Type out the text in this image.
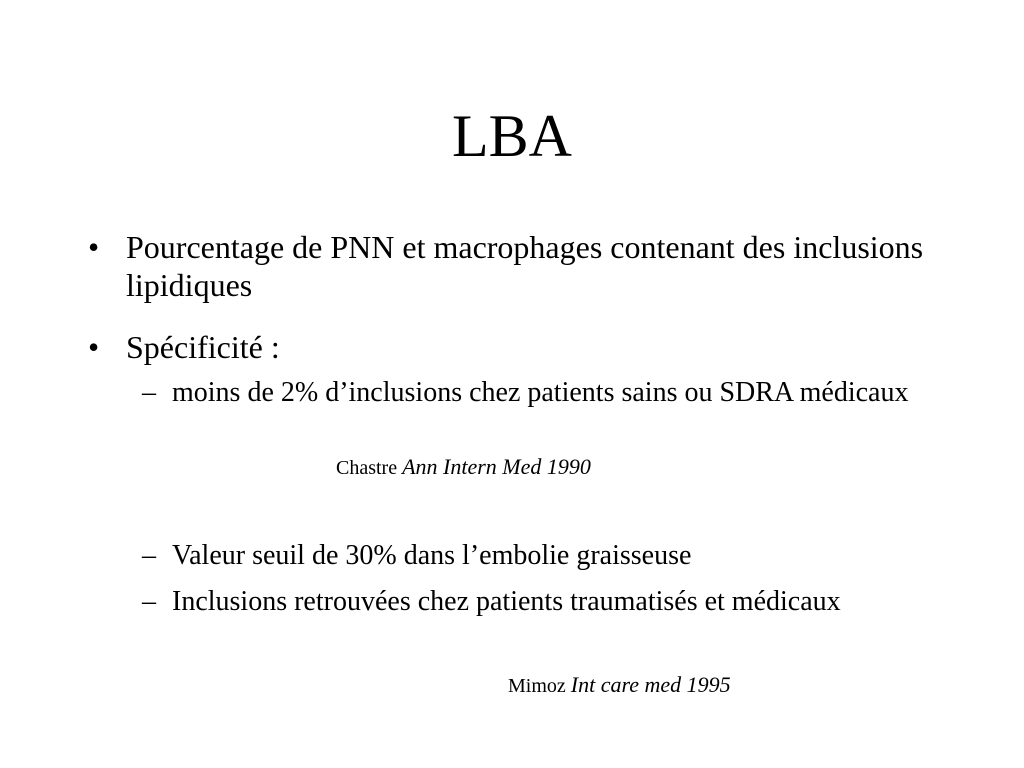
LBA
• Pourcentage de PNN et macrophages contenant des inclusions lipidiques
• Spécificité :
– moins de 2% d’inclusions chez patients sains ou SDRA médicaux
Chastre Ann Intern Med 1990
– Valeur seuil de 30% dans l’embolie graisseuse
– Inclusions retrouvées chez patients traumatisés et médicaux
Mimoz Int care med 1995
